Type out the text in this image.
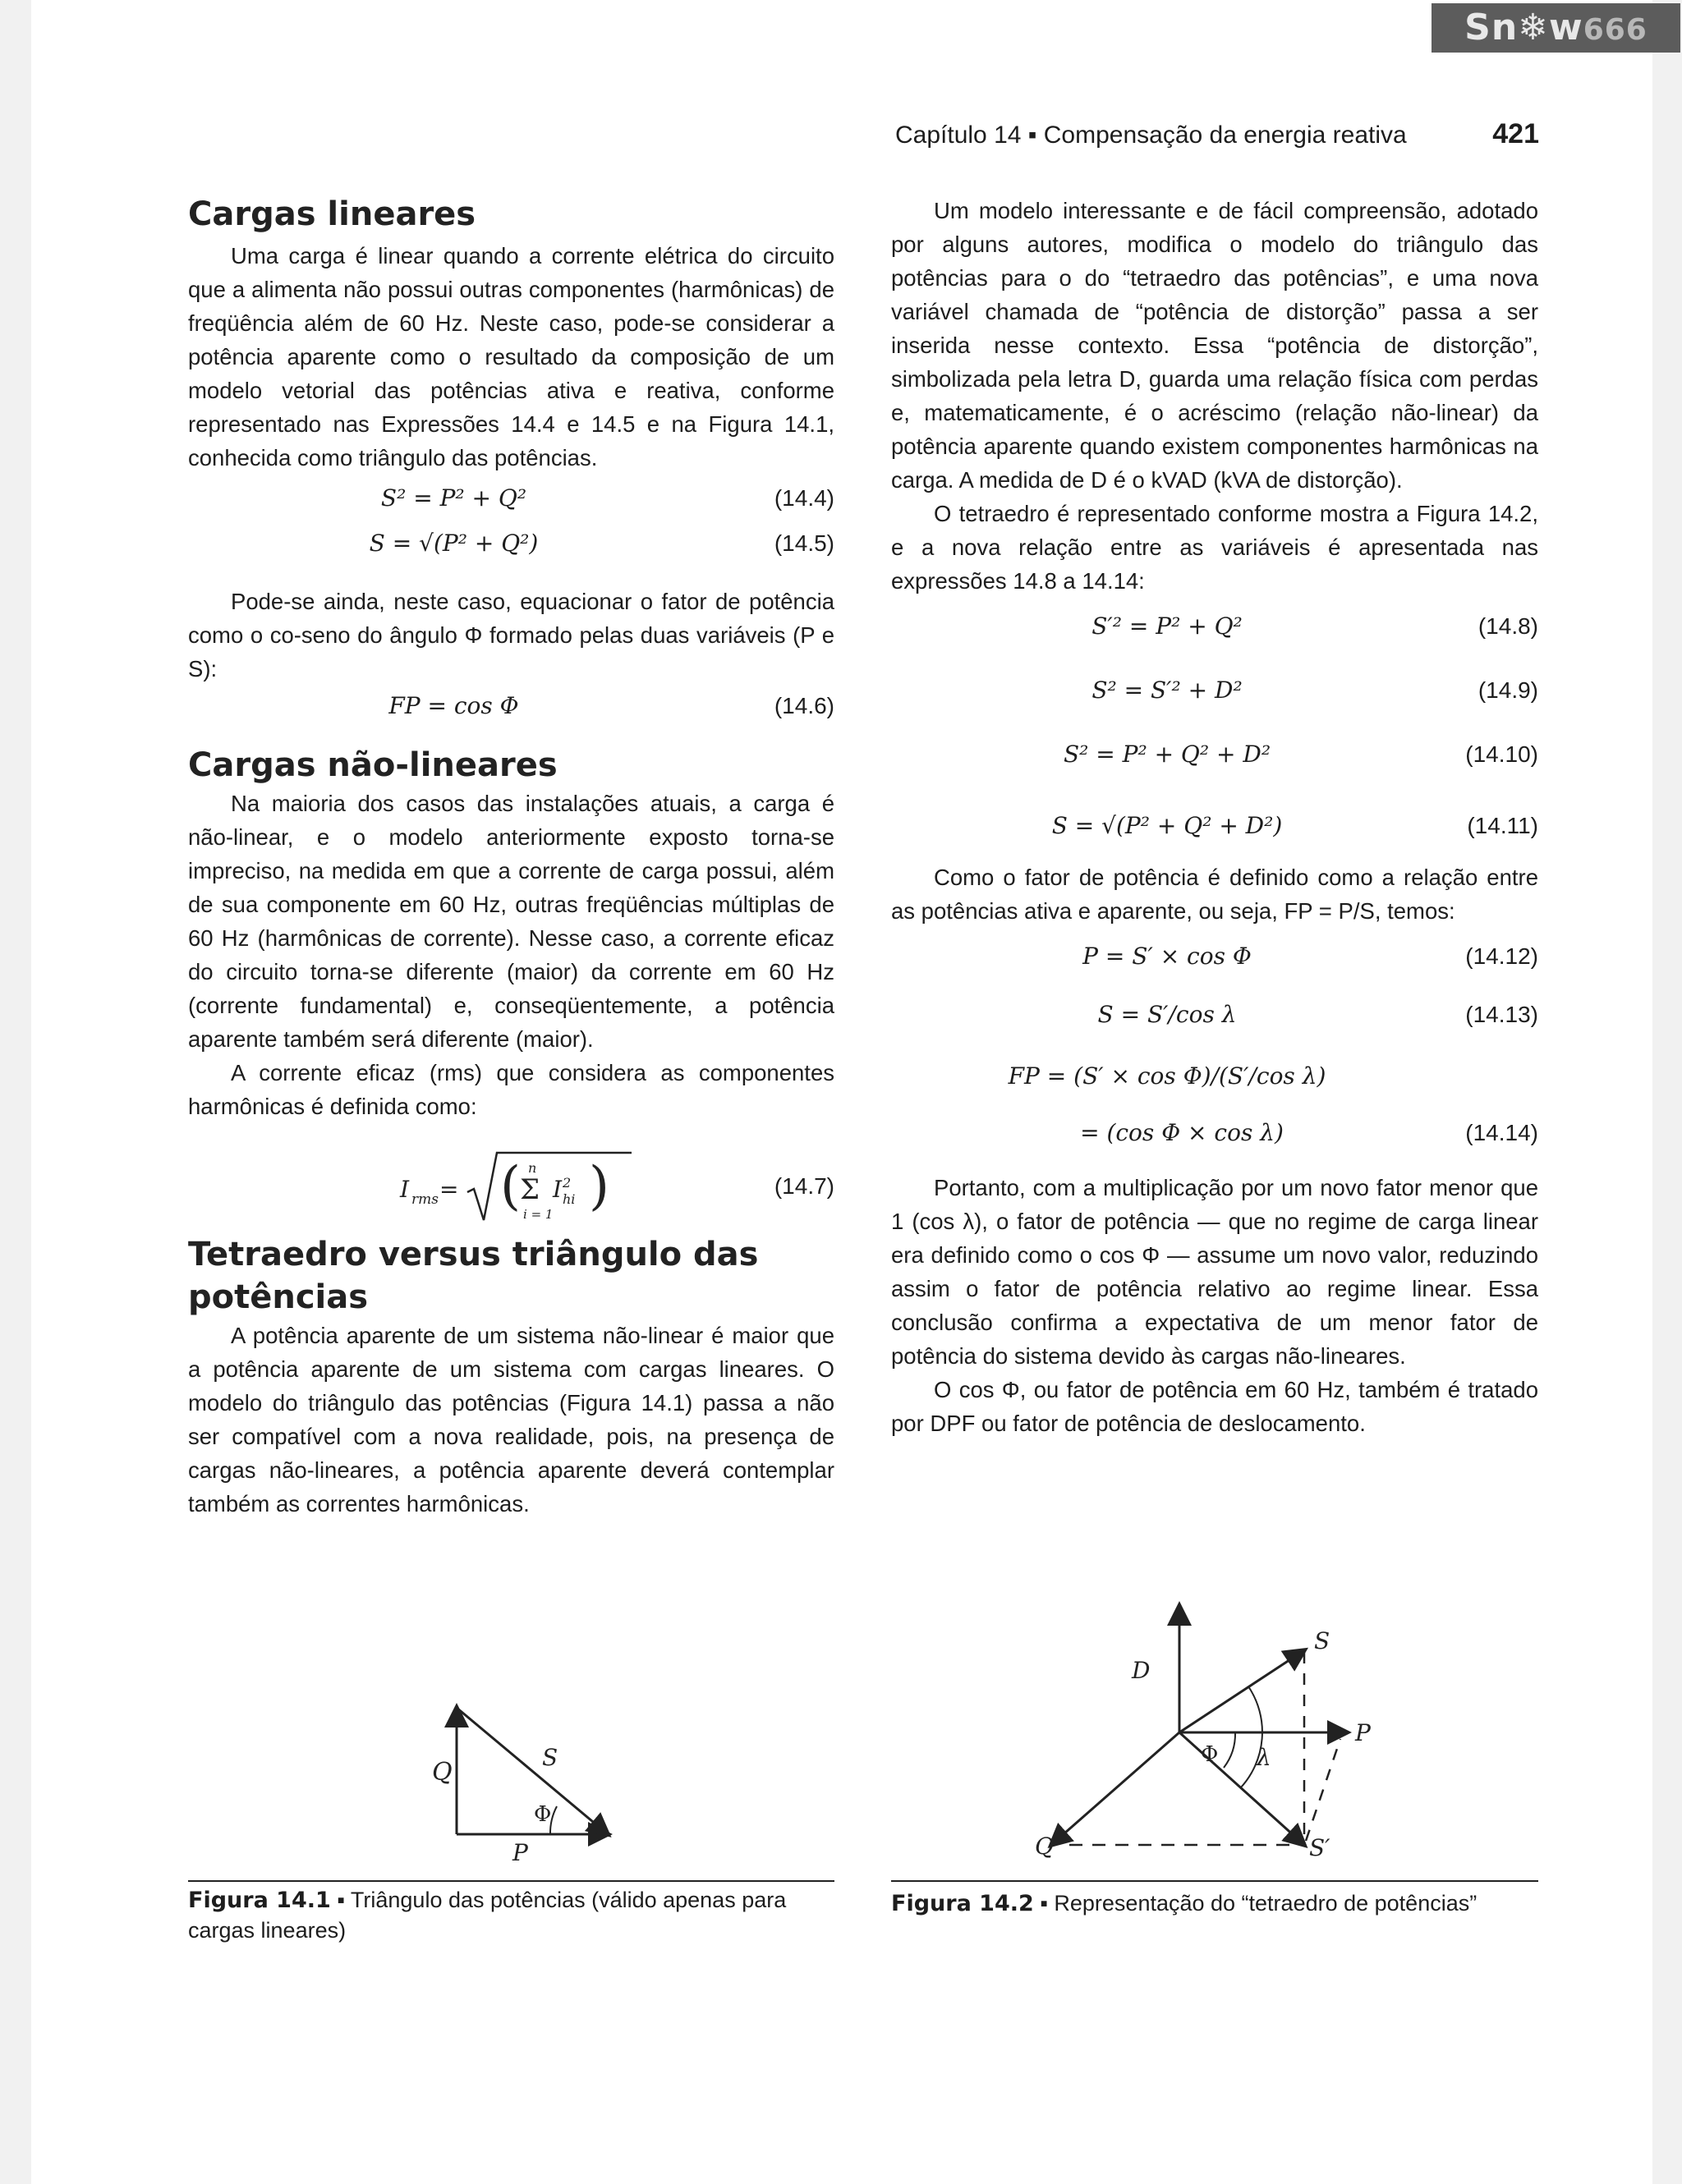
Sn❄w666
Capítulo 14 ▪ Compensação da energia reativa	421
Cargas lineares

Uma carga é linear quando a corrente elétrica do circuito que a alimenta não possui outras componentes (harmônicas) de freqüência além de 60 Hz. Neste caso, pode-se considerar a potência aparente como o resultado da composição de um modelo vetorial das potências ativa e reativa, conforme representado nas Expressões 14.4 e 14.5 e na Figura 14.1, conhecida como triângulo das potências.

S² = P² + Q²	(14.4)
S = √(P² + Q²)	(14.5)

Pode-se ainda, neste caso, equacionar o fator de potência como o co-seno do ângulo Φ formado pelas duas variáveis (P e S):

FP = cos Φ	(14.6)
Cargas não-lineares

Na maioria dos casos das instalações atuais, a carga é não-linear, e o modelo anteriormente exposto torna-se impreciso, na medida em que a corrente de carga possui, além de sua componente em 60 Hz, outras freqüências múltiplas de 60 Hz (harmônicas de corrente). Nesse caso, a corrente eficaz do circuito torna-se diferente (maior) da corrente em 60 Hz (corrente fundamental) e, conseqüentemente, a potência aparente também será diferente (maior).

A corrente eficaz (rms) que considera as componentes harmônicas é definida como:

I rms = ( Σ
n
i = 1
I 2
hi )	(14.7)
Tetraedro versus triângulo das potências

A potência aparente de um sistema não-linear é maior que a potência aparente de um sistema com cargas lineares. O modelo do triângulo das potências (Figura 14.1) passa a não ser compatível com a nova realidade, pois, na presença de cargas não-lineares, a potência aparente deverá contemplar também as correntes harmônicas.

Q
S
Φ
P
Figura 14.1 ▪ Triângulo das potências (válido apenas para cargas lineares)

Um modelo interessante e de fácil compreensão, adotado por alguns autores, modifica o modelo do triângulo das potências para o do “tetraedro das potências”, e uma nova variável chamada de “potência de distorção” passa a ser inserida nesse contexto. Essa “potência de distorção”, simbolizada pela letra D, guarda uma relação física com perdas e, matematicamente, é o acréscimo (relação não-linear) da potência aparente quando existem componentes harmônicas na carga. A medida de D é o kVAD (kVA de distorção).

O tetraedro é representado conforme mostra a Figura 14.2, e a nova relação entre as variáveis é apresentada nas expressões 14.8 a 14.14:

S′² = P² + Q²	(14.8)
S² = S′² + D²	(14.9)
S² = P² + Q² + D²	(14.10)
S = √(P² + Q² + D²)	(14.11)

Como o fator de potência é definido como a relação entre as potências ativa e aparente, ou seja, FP = P/S, temos:

P = S′ × cos Φ	(14.12)
S = S′/cos λ	(14.13)
FP = (S′ × cos Φ)/(S′/cos λ)
= (cos Φ × cos λ)	(14.14)

Portanto, com a multiplicação por um novo fator menor que 1 (cos λ), o fator de potência — que no regime de carga linear era definido como o cos Φ — assume um novo valor, reduzindo assim o fator de potência relativo ao regime linear. Essa conclusão confirma a expectativa de um menor fator de potência do sistema devido às cargas não-lineares.

O cos Φ, ou fator de potência em 60 Hz, também é tratado por DPF ou fator de potência de deslocamento.

D
S
P
Φ λ
Q	S′
Figura 14.2 ▪ Representação do “tetraedro de potências”
